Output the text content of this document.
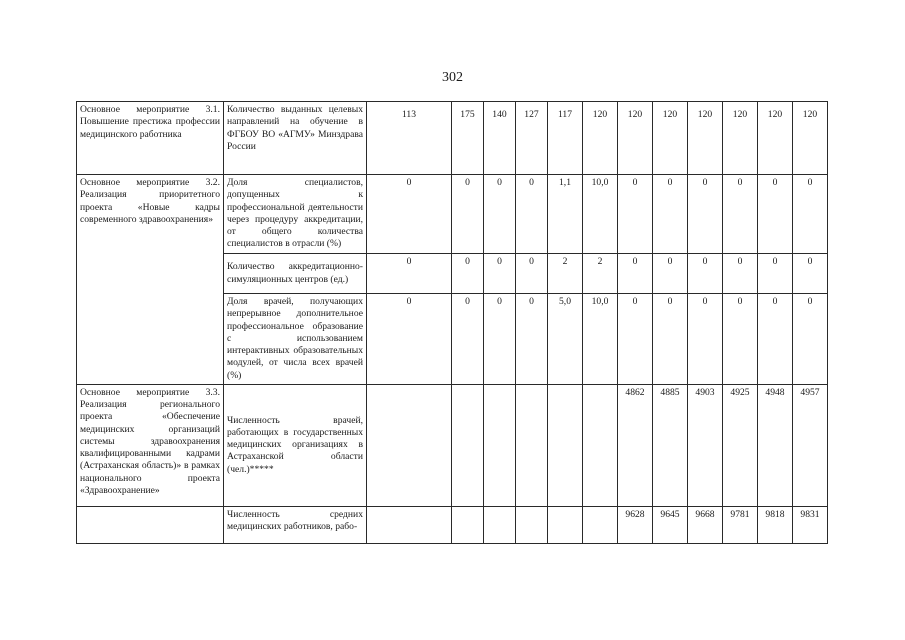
302
Основное мероприятие 3.1. Повышение престижа профессии медицинского работника	Количество выданных целевых направлений на обучение в ФГБОУ ВО «АГМУ» Минздрава России	113	175	140	127	117	120	120	120	120	120	120	120
Основное мероприятие 3.2. Реализация приоритетного проекта «Новые кадры современного здравоохранения»	Доля специалистов, допущенных к профессиональной деятельности через процедуру аккредитации, от общего количества специалистов в отрасли (%)	0	0	0	0	1,1	10,0	0	0	0	0	0	0
	Количество аккредитационно-симуляционных центров (ед.)	0	0	0	0	2	2	0	0	0	0	0	0
	Доля врачей, получающих непрерывное дополнительное профессиональное образование с использованием интерактивных образовательных модулей, от числа всех врачей (%)	0	0	0	0	5,0	10,0	0	0	0	0	0	0
Основное мероприятие 3.3. Реализация регионального проекта «Обеспечение медицинских организаций системы здравоохранения квалифицированными кадрами (Астраханская область)» в рамках национального проекта «Здравоохранение»	Численность врачей, работающих в государственных медицинских организациях в Астраханской области (чел.)*****							4862	4885	4903	4925	4948	4957
	Численность средних медицинских работников, рабо-							9628	9645	9668	9781	9818	9831
